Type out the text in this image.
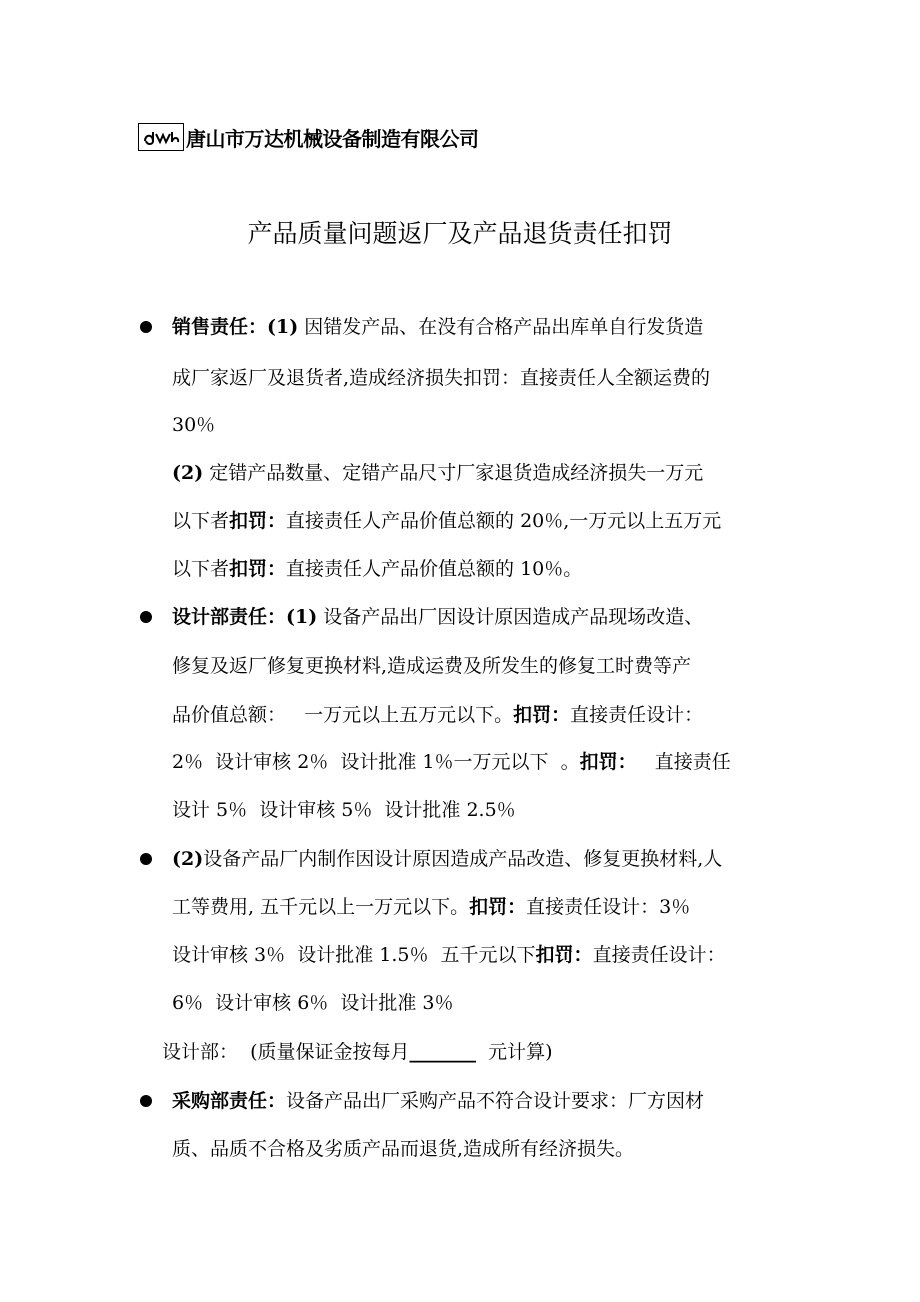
唐山市万达机械设备制造有限公司
产品质量问题返厂及产品退货责任扣罚
销售责任：(1) 因错发产品、在没有合格产品出库单自行发货造
成厂家返厂及退货者,造成经济损失扣罚：直接责任人全额运费的
30％
(2) 定错产品数量、定错产品尺寸厂家退货造成经济损失一万元
以下者扣罚：直接责任人产品价值总额的 20％,一万元以上五万元
以下者扣罚：直接责任人产品价值总额的 10％。
设计部责任：(1) 设备产品出厂因设计原因造成产品现场改造、
修复及返厂修复更换材料,造成运费及所发生的修复工时费等产
品价值总额：   一万元以上五万元以下。扣罚：直接责任设计：
2％  设计审核 2％  设计批准 1％一万元以下  。扣罚：   直接责任
设计 5％  设计审核 5％  设计批准 2.5％
(2)设备产品厂内制作因设计原因造成产品改造、修复更换材料,人
工等费用, 五千元以上一万元以下。扣罚：直接责任设计：3％
设计审核 3％  设计批准 1.5％  五千元以下扣罚：直接责任设计：
6％  设计审核 6％  设计批准 3％
设计部：  (质量保证金按每月_______  元计算)
采购部责任：设备产品出厂采购产品不符合设计要求：厂方因材
质、品质不合格及劣质产品而退货,造成所有经济损失。
